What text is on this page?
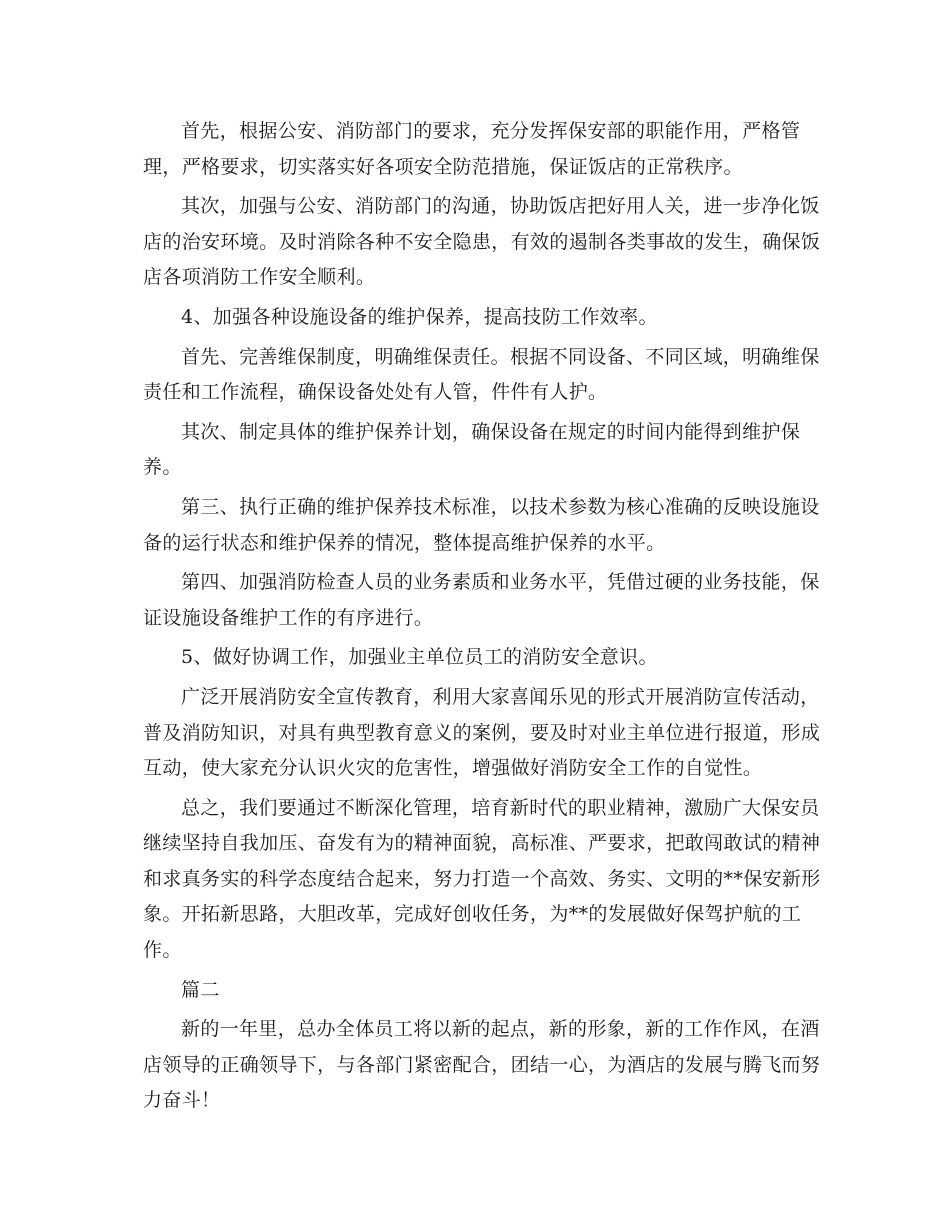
首先，根据公安、消防部门的要求，充分发挥保安部的职能作用，严格管
理，严格要求，切实落实好各项安全防范措施，保证饭店的正常秩序。
其次，加强与公安、消防部门的沟通，协助饭店把好用人关，进一步净化饭
店的治安环境。及时消除各种不安全隐患，有效的遏制各类事故的发生，确保饭
店各项消防工作安全顺利。
4、加强各种设施设备的维护保养，提高技防工作效率。
首先、完善维保制度，明确维保责任。根据不同设备、不同区域，明确维保
责任和工作流程，确保设备处处有人管，件件有人护。
其次、制定具体的维护保养计划，确保设备在规定的时间内能得到维护保
养。
第三、执行正确的维护保养技术标准，以技术参数为核心准确的反映设施设
备的运行状态和维护保养的情况，整体提高维护保养的水平。
第四、加强消防检查人员的业务素质和业务水平，凭借过硬的业务技能，保
证设施设备维护工作的有序进行。
5、做好协调工作，加强业主单位员工的消防安全意识。
广泛开展消防安全宣传教育，利用大家喜闻乐见的形式开展消防宣传活动，
普及消防知识，对具有典型教育意义的案例，要及时对业主单位进行报道，形成
互动，使大家充分认识火灾的危害性，增强做好消防安全工作的自觉性。
总之，我们要通过不断深化管理，培育新时代的职业精神，激励广大保安员
继续坚持自我加压、奋发有为的精神面貌，高标准、严要求，把敢闯敢试的精神
和求真务实的科学态度结合起来，努力打造一个高效、务实、文明的**保安新形
象。开拓新思路，大胆改革，完成好创收任务，为**的发展做好保驾护航的工
作。
篇二
新的一年里，总办全体员工将以新的起点，新的形象，新的工作作风，在酒
店领导的正确领导下，与各部门紧密配合，团结一心，为酒店的发展与腾飞而努
力奋斗！
